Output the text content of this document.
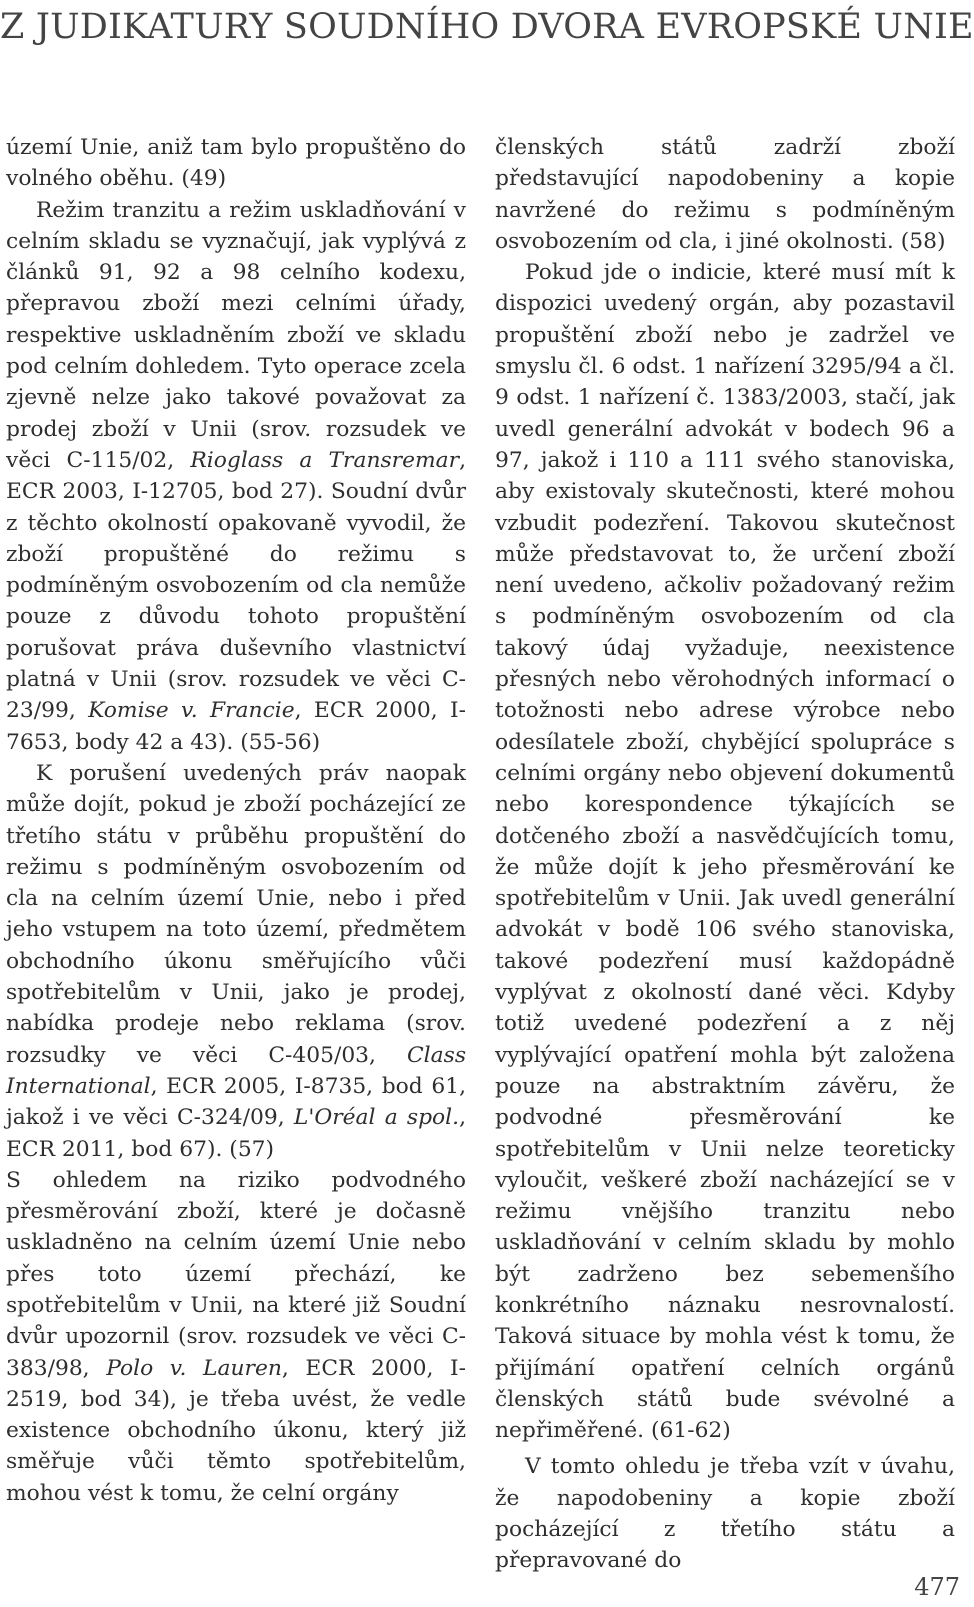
Z JUDIKATURY SOUDNÍHO DVORA EVROPSKÉ UNIE

území Unie, aniž tam bylo propuštěno do volného oběhu. (49)

Režim tranzitu a režim uskladňování v celním skladu se vyznačují, jak vyplývá z článků 91, 92 a 98 celního kodexu, přepravou zboží mezi celními úřady, respektive uskladněním zboží ve skladu pod celním dohledem. Tyto operace zcela zjevně nelze jako takové považovat za prodej zboží v Unii (srov. rozsudek ve věci C-115/02, Rioglass a Transremar, ECR 2003, I-12705, bod 27). Soudní dvůr z těchto okolností opakovaně vyvodil, že zboží propuštěné do režimu s podmíněným osvobozením od cla nemůže pouze z důvodu tohoto propuštění porušovat práva duševního vlastnictví platná v Unii (srov. rozsudek ve věci C-23/99, Komise v. Francie, ECR 2000, I-7653, body 42 a 43). (55-56)

K porušení uvedených práv naopak může dojít, pokud je zboží pocházející ze třetího státu v průběhu propuštění do režimu s podmíněným osvobozením od cla na celním území Unie, nebo i před jeho vstupem na toto území, předmětem obchodního úkonu směřujícího vůči spotřebitelům v Unii, jako je prodej, nabídka prodeje nebo reklama (srov. rozsudky ve věci C-405/03, Class International, ECR 2005, I-8735, bod 61, jakož i ve věci C-324/09, L'Oréal a spol., ECR 2011, bod 67). (57)

S ohledem na riziko podvodného přesměrování zboží, které je dočasně uskladněno na celním území Unie nebo přes toto území přechází, ke spotřebitelům v Unii, na které již Soudní dvůr upozornil (srov. rozsudek ve věci C-383/98, Polo v. Lauren, ECR 2000, I-2519, bod 34), je třeba uvést, že vedle existence obchodního úkonu, který již směřuje vůči těmto spotřebitelům, mohou vést k tomu, že celní orgány

členských států zadrží zboží představující napodobeniny a kopie navržené do režimu s podmíněným osvobozením od cla, i jiné okolnosti. (58)

Pokud jde o indicie, které musí mít k dispozici uvedený orgán, aby pozastavil propuštění zboží nebo je zadržel ve smyslu čl. 6 odst. 1 nařízení 3295/94 a čl. 9 odst. 1 nařízení č. 1383/2003, stačí, jak uvedl generální advokát v bodech 96 a 97, jakož i 110 a 111 svého stanoviska, aby existovaly skutečnosti, které mohou vzbudit podezření. Takovou skutečnost může představovat to, že určení zboží není uvedeno, ačkoliv požadovaný režim s podmíněným osvobozením od cla takový údaj vyžaduje, neexistence přesných nebo věrohodných informací o totožnosti nebo adrese výrobce nebo odesílatele zboží, chybějící spolupráce s celními orgány nebo objevení dokumentů nebo korespondence týkajících se dotčeného zboží a nasvědčujících tomu, že může dojít k jeho přesměrování ke spotřebitelům v Unii. Jak uvedl generální advokát v bodě 106 svého stanoviska, takové podezření musí každopádně vyplývat z okolností dané věci. Kdyby totiž uvedené podezření a z něj vyplývající opatření mohla být založena pouze na abstraktním závěru, že podvodné přesměrování ke spotřebitelům v Unii nelze teoreticky vyloučit, veškeré zboží nacházející se v režimu vnějšího tranzitu nebo uskladňování v celním skladu by mohlo být zadrženo bez sebemenšího konkrétního náznaku nesrovnalostí. Taková situace by mohla vést k tomu, že přijímání opatření celních orgánů členských států bude svévolné a nepřiměřené. (61-62)

V tomto ohledu je třeba vzít v úvahu, že napodobeniny a kopie zboží pocházející z třetího státu a přepravované do

477
